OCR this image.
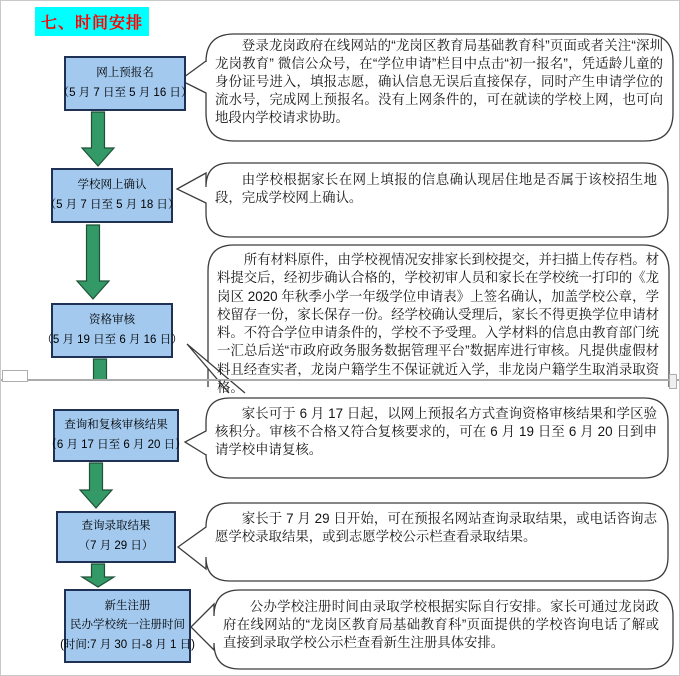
七、时间安排
网上预报名
（5 月 7 日至 5 月 16 日）
学校网上确认
（5 月 7 日至 5 月 18 日）
资格审核
（5 月 19 日至 6 月 16 日）
查询和复核审核结果
（6 月 17 日至 6 月 20 日）
查询录取结果
（7 月 29 日）
新生注册
民办学校统一注册时间
(时间:7 月 30 日-8 月 1 日)
登录龙岗政府在线网站的“龙岗区教育局基础教育科”页面或者关注“深圳龙岗教育” 微信公众号，在“学位申请”栏目中点击“初一报名”，凭适龄儿童的身份证号进入，填报志愿，确认信息无误后直接保存，同时产生申请学位的流水号，完成网上预报名。没有上网条件的，可在就读的学校上网，也可向地段内学校请求协助。
由学校根据家长在网上填报的信息确认现居住地是否属于该校招生地段，完成学校网上确认。
所有材料原件，由学校视情况安排家长到校提交，并扫描上传存档。材料提交后，经初步确认合格的，学校初审人员和家长在学校统一打印的《龙岗区 2020 年秋季小学一年级学位申请表》上签名确认，加盖学校公章，学校留存一份，家长保存一份。经学校确认受理后，家长不得更换学位申请材料。不符合学位申请条件的，学校不予受理。入学材料的信息由教育部门统一汇总后送“市政府政务服务数据管理平台”数据库进行审核。凡提供虚假材料且经查实者，龙岗户籍学生不保证就近入学，非龙岗户籍学生取消录取资格。
家长可于 6 月 17 日起，以网上预报名方式查询资格审核结果和学区验核积分。审核不合格又符合复核要求的，可在 6 月 19 日至 6 月 20 日到申请学校申请复核。
家长于 7 月 29 日开始，可在预报名网站查询录取结果，或电话咨询志愿学校录取结果，或到志愿学校公示栏查看录取结果。
公办学校注册时间由录取学校根据实际自行安排。家长可通过龙岗政府在线网站的“龙岗区教育局基础教育科”页面提供的学校咨询电话了解或直接到录取学校公示栏查看新生注册具体安排。
